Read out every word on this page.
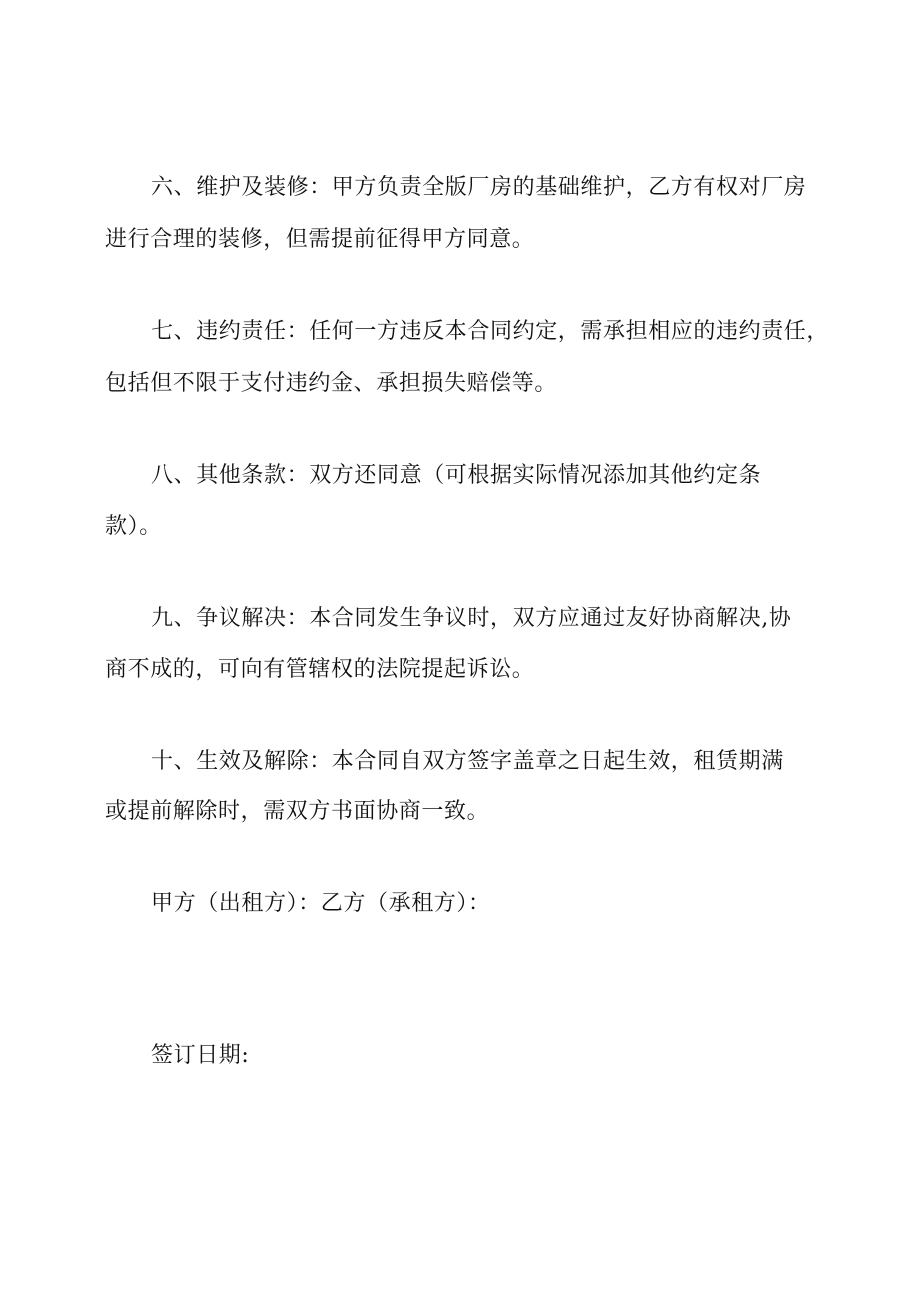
六、维护及装修：甲方负责全版厂房的基础维护，乙方有权对厂房
进行合理的装修，但需提前征得甲方同意。
七、违约责任：任何一方违反本合同约定，需承担相应的违约责任，
包括但不限于支付违约金、承担损失赔偿等。
八、其他条款：双方还同意（可根据实际情况添加其他约定条
款）。
九、争议解决：本合同发生争议时，双方应通过友好协商解决,协
商不成的，可向有管辖权的法院提起诉讼。
十、生效及解除：本合同自双方签字盖章之日起生效，租赁期满
或提前解除时，需双方书面协商一致。
甲方（出租方）：乙方（承租方）：
签订日期:
